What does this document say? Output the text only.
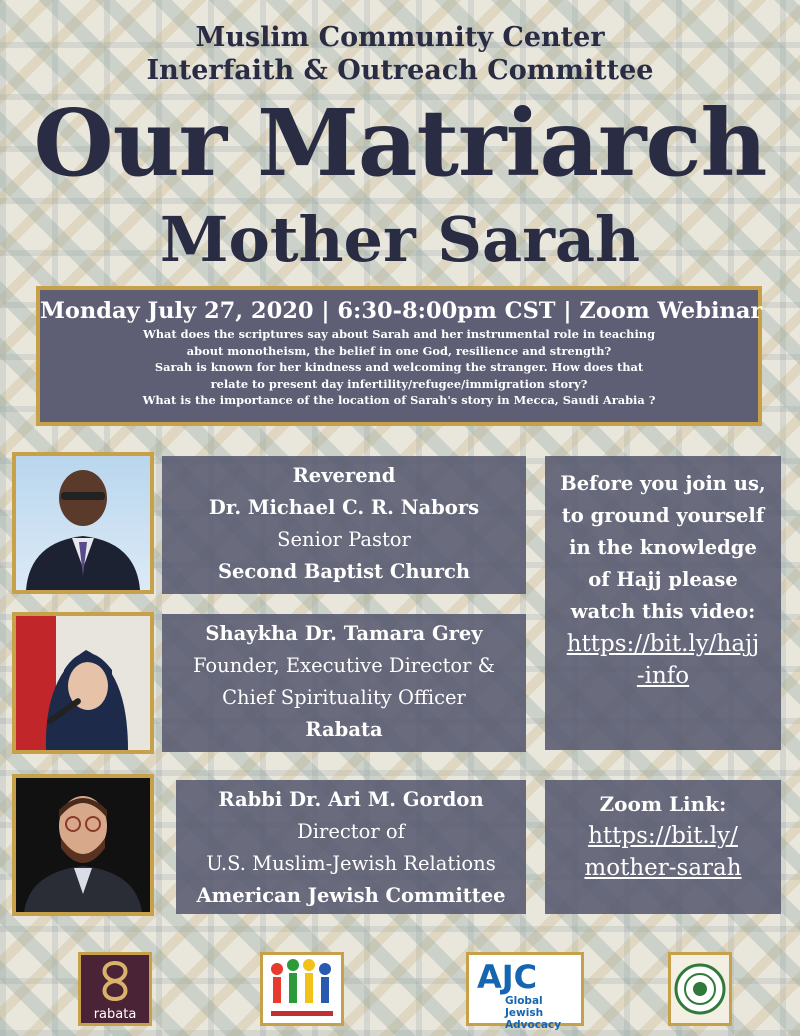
Muslim Community Center
Interfaith & Outreach Committee
Our Matriarch
Mother Sarah
Monday July 27, 2020 | 6:30-8:00pm CST | Zoom Webinar
What does the scriptures say about Sarah and her instrumental role in teaching
about monotheism, the belief in one God, resilience and strength?
Sarah is known for her kindness and welcoming the stranger. How does that
relate to present day infertility/refugee/immigration story?
What is the importance of the location of Sarah's story in Mecca, Saudi Arabia ?
Reverend
Dr. Michael C. R. Nabors
Senior Pastor
Second Baptist Church
Shaykha Dr. Tamara Grey
Founder, Executive Director &
Chief Spirituality Officer
Rabata
Rabbi Dr. Ari M. Gordon
Director of
U.S. Muslim-Jewish Relations
American Jewish Committee
Before you join us,
to ground yourself
in the knowledge
of Hajj please
watch this video:
https://bit.ly/hajj
-info
Zoom Link:
https://bit.ly/
mother-sarah
rabata
AJC
Global Jewish
Advocacy
